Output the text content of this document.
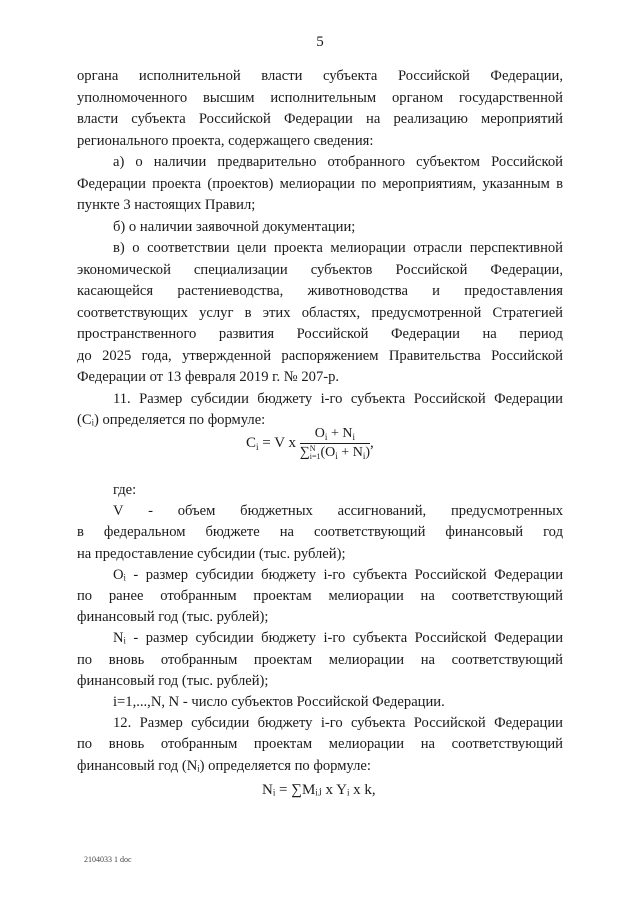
5
органа исполнительной власти субъекта Российской Федерации,
уполномоченного высшим исполнительным органом государственной
власти субъекта Российской Федерации на реализацию мероприятий
регионального проекта, содержащего сведения:
а) о наличии предварительно отобранного субъектом Российской
Федерации проекта (проектов) мелиорации по мероприятиям, указанным в
пункте 3 настоящих Правил;
б) о наличии заявочной документации;
в) о соответствии цели проекта мелиорации отрасли перспективной
экономической специализации субъектов Российской Федерации,
касающейся растениеводства, животноводства и предоставления
соответствующих услуг в этих областях, предусмотренной Стратегией
пространственного развития Российской Федерации на период
до 2025 года, утвержденной распоряжением Правительства Российской
Федерации от 13 февраля 2019 г. № 207-р.
11. Размер субсидии бюджету i-го субъекта Российской Федерации
(Cᵢ) определяется по формуле:
$C_i = V$ x
$O_i + N_i$
∑N
$i=1(O_i + N_i)$
,
где:
V - объем бюджетных ассигнований, предусмотренных
в федеральном бюджете на соответствующий финансовый год
на предоставление субсидии (тыс. рублей);
Oᵢ - размер субсидии бюджету i-го субъекта Российской Федерации
по ранее отобранным проектам мелиорации на соответствующий
финансовый год (тыс. рублей);
Nᵢ - размер субсидии бюджету i-го субъекта Российской Федерации
по вновь отобранным проектам мелиорации на соответствующий
финансовый год (тыс. рублей);
i=1,...,N, N - число субъектов Российской Федерации.
12. Размер субсидии бюджету i-го субъекта Российской Федерации
по вновь отобранным проектам мелиорации на соответствующий
финансовый год (Nᵢ) определяется по формуле:
Nᵢ = ∑Mᵢⱼ x Yᵢ x k,
2104033 1 doc
